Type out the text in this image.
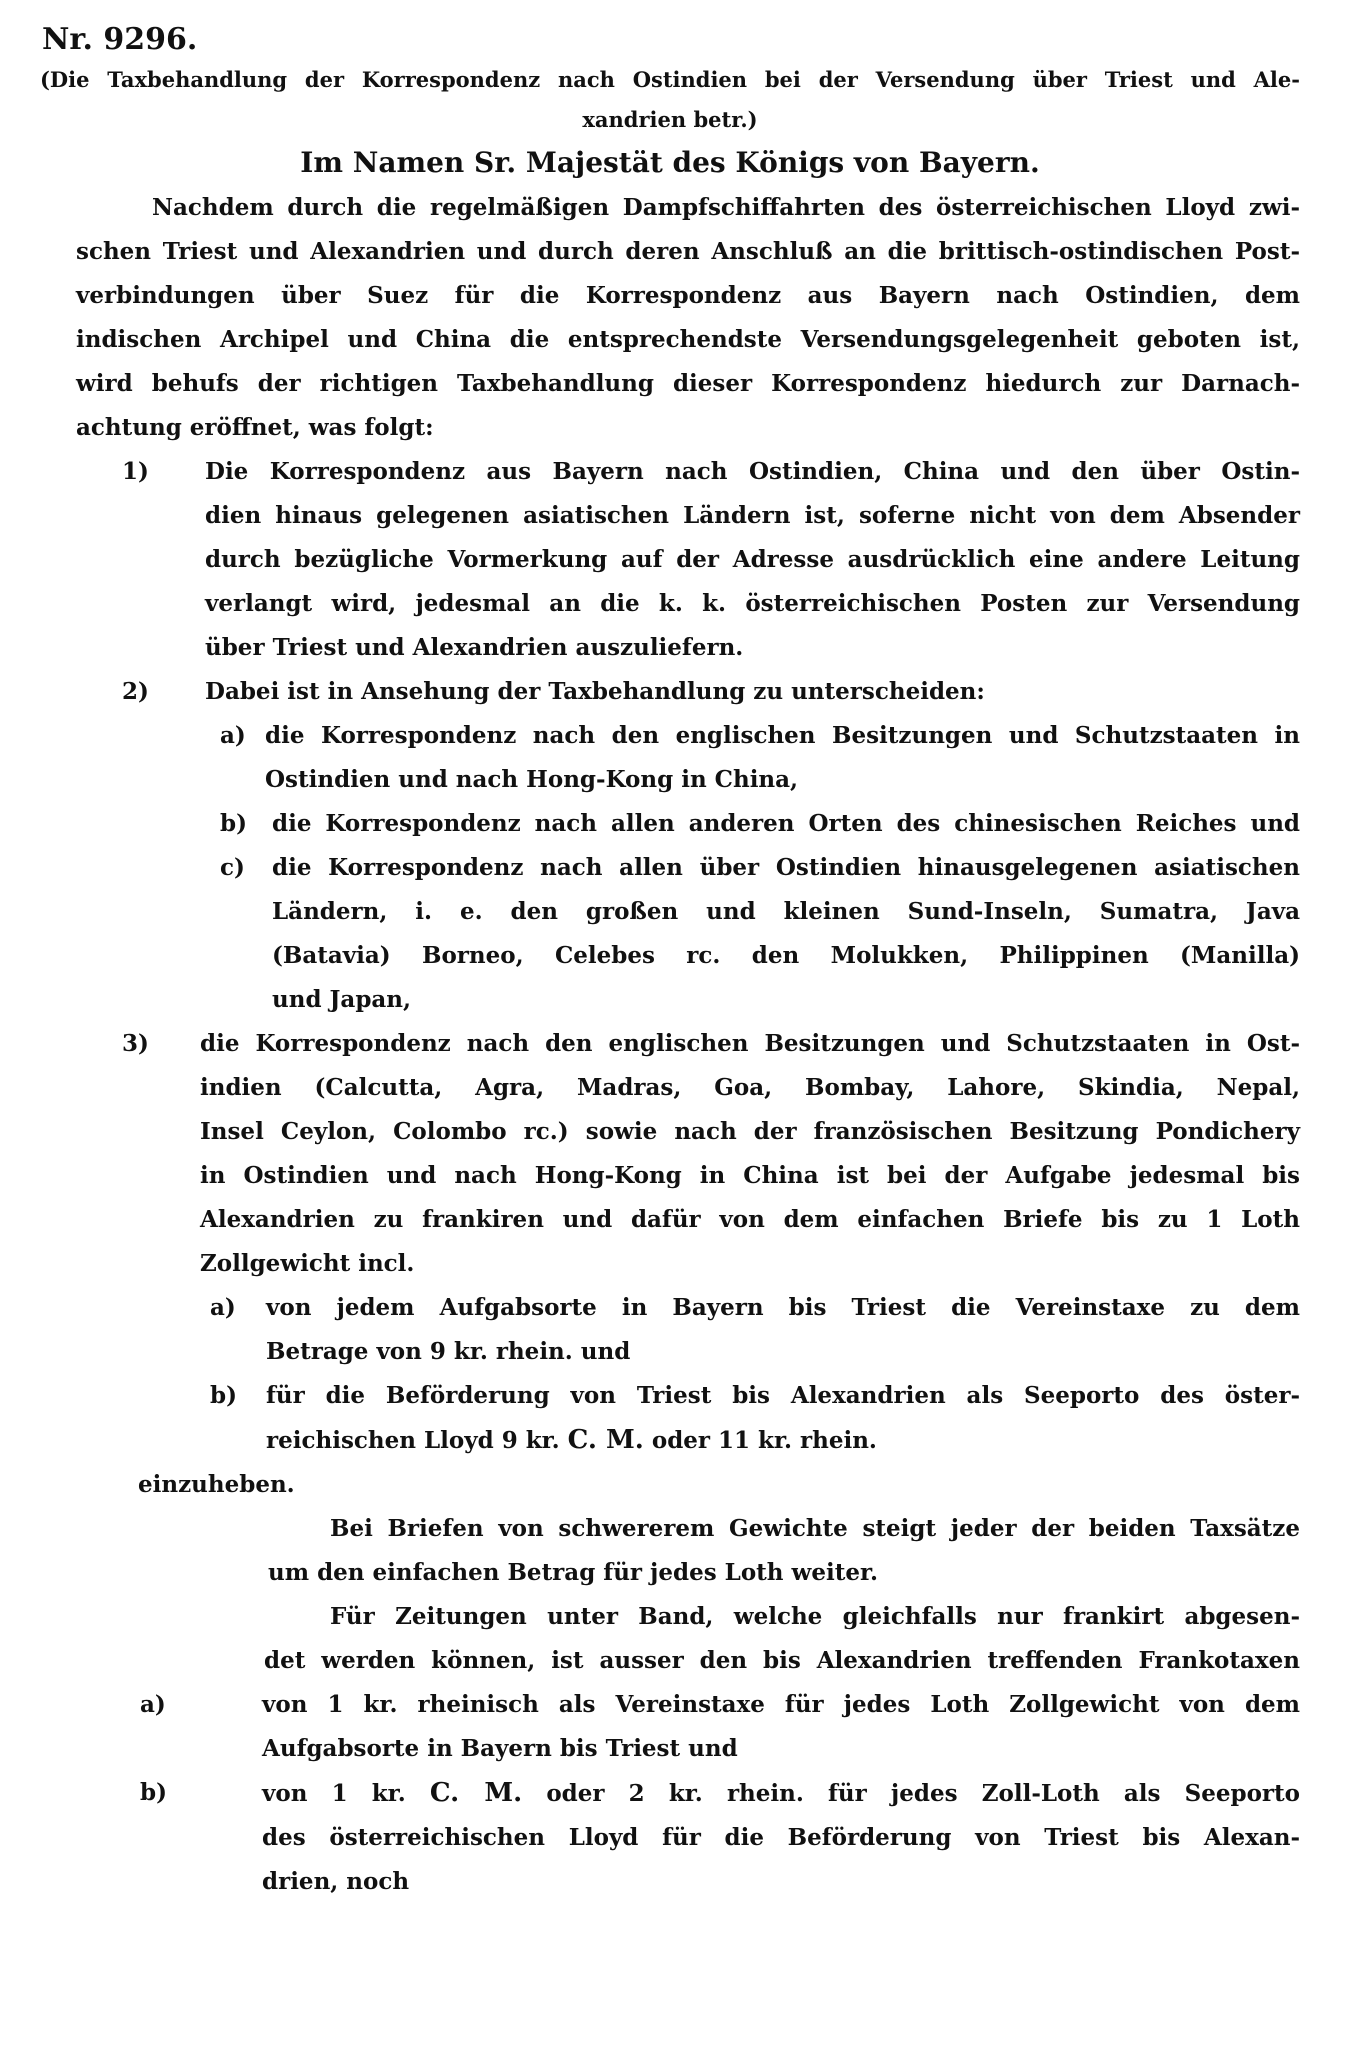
Nr. 9296.
(Die Taxbehandlung der Korrespondenz nach Ostindien bei der Versendung über Triest und Ale-
xandrien betr.)
Im Namen Sr. Majestät des Königs von Bayern.
Nachdem durch die regelmäßigen Dampfschiffahrten des österreichischen Lloyd zwi-
schen Triest und Alexandrien und durch deren Anschluß an die brittisch-ostindischen Post-
verbindungen über Suez für die Korrespondenz aus Bayern nach Ostindien, dem
indischen Archipel und China die entsprechendste Versendungsgelegenheit geboten ist,
wird behufs der richtigen Taxbehandlung dieser Korrespondenz hiedurch zur Darnach-
achtung eröffnet, was folgt:
1) Die Korrespondenz aus Bayern nach Ostindien, China und den über Ostin-
dien hinaus gelegenen asiatischen Ländern ist, soferne nicht von dem Absender
durch bezügliche Vormerkung auf der Adresse ausdrücklich eine andere Leitung
verlangt wird, jedesmal an die k. k. österreichischen Posten zur Versendung
über Triest und Alexandrien auszuliefern.
2) Dabei ist in Ansehung der Taxbehandlung zu unterscheiden:
a) die Korrespondenz nach den englischen Besitzungen und Schutzstaaten in
Ostindien und nach Hong-Kong in China,
b) die Korrespondenz nach allen anderen Orten des chinesischen Reiches und
c) die Korrespondenz nach allen über Ostindien hinausgelegenen asiatischen
Ländern, i. e. den großen und kleinen Sund-Inseln, Sumatra, Java
(Batavia) Borneo, Celebes rc. den Molukken, Philippinen (Manilla)
und Japan,
3) die Korrespondenz nach den englischen Besitzungen und Schutzstaaten in Ost-
indien (Calcutta, Agra, Madras, Goa, Bombay, Lahore, Skindia, Nepal,
Insel Ceylon, Colombo rc.) sowie nach der französischen Besitzung Pondichery
in Ostindien und nach Hong-Kong in China ist bei der Aufgabe jedesmal bis
Alexandrien zu frankiren und dafür von dem einfachen Briefe bis zu 1 Loth
Zollgewicht incl.
a) von jedem Aufgabsorte in Bayern bis Triest die Vereinstaxe zu dem
Betrage von 9 kr. rhein. und
b) für die Beförderung von Triest bis Alexandrien als Seeporto des öster-
reichischen Lloyd 9 kr. C. M. oder 11 kr. rhein.
einzuheben.
Bei Briefen von schwererem Gewichte steigt jeder der beiden Taxsätze
um den einfachen Betrag für jedes Loth weiter.
Für Zeitungen unter Band, welche gleichfalls nur frankirt abgesen-
det werden können, ist ausser den bis Alexandrien treffenden Frankotaxen
a)	von 1 kr. rheinisch als Vereinstaxe für jedes Loth Zollgewicht von dem
Aufgabsorte in Bayern bis Triest und
b)	von 1 kr. C. M. oder 2 kr. rhein. für jedes Zoll-Loth als Seeporto
des österreichischen Lloyd für die Beförderung von Triest bis Alexan-
drien, noch
